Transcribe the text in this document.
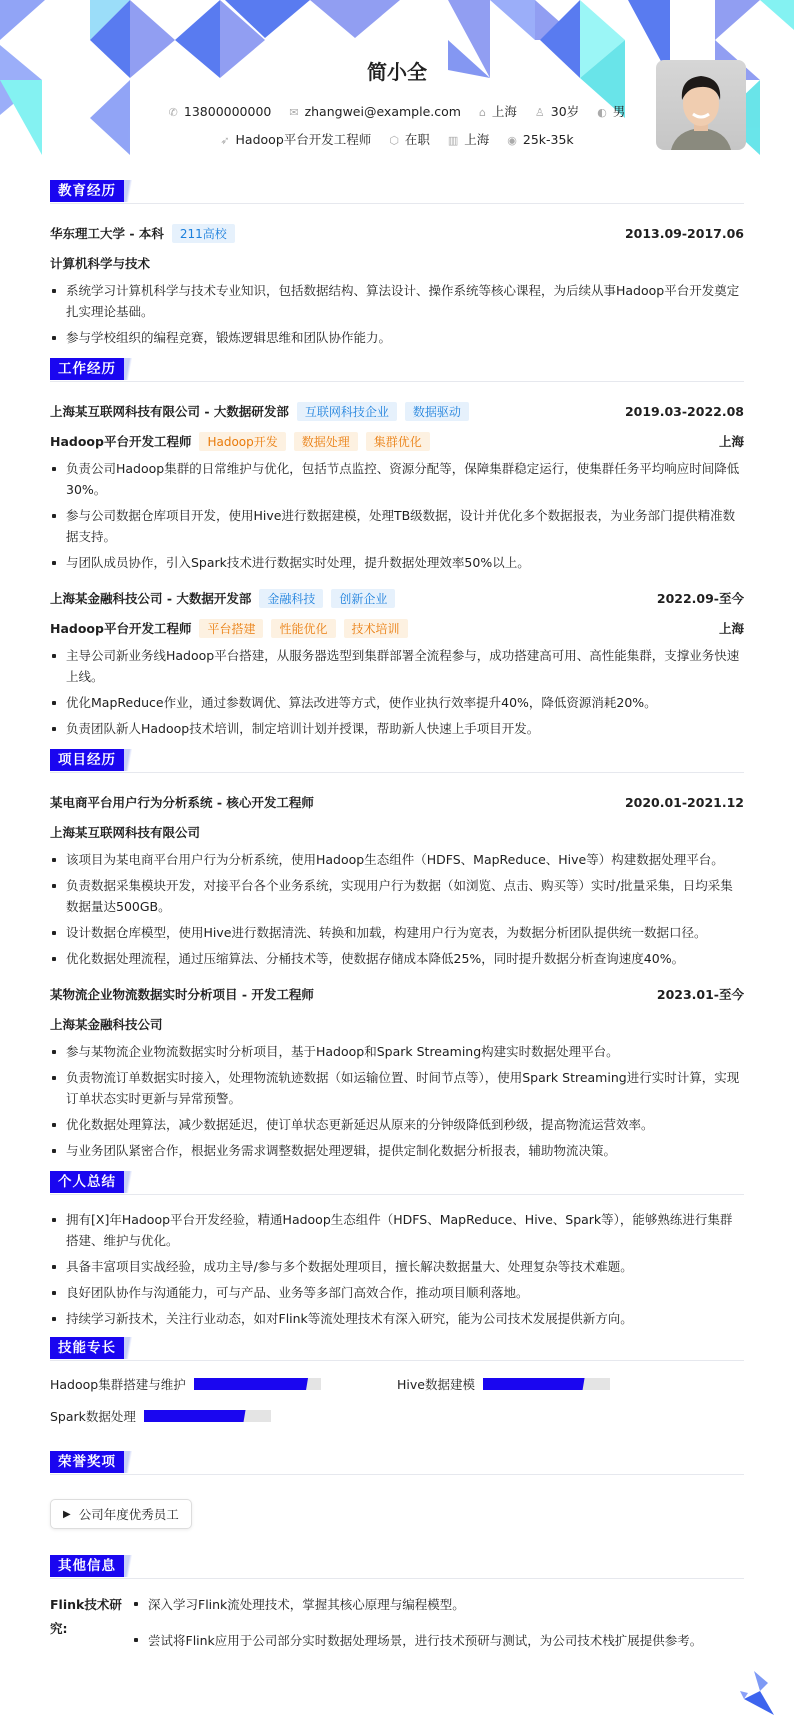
简小全
✆ 13800000000 ✉ zhangwei@example.com ⌂ 上海 ♙ 30岁 ◐ 男
➶ Hadoop平台开发工程师 ⬡ 在职 ▥ 上海 ◉ 25k-35k
教育经历
华东理工大学 - 本科	211高校	2013.09-2017.06
计算机科学与技术
系统学习计算机科学与技术专业知识，包括数据结构、算法设计、操作系统等核心课程，为后续从事Hadoop平台开发奠定扎实理论基础。
参与学校组织的编程竞赛，锻炼逻辑思维和团队协作能力。
工作经历
上海某互联网科技有限公司 - 大数据研发部	互联网科技企业	数据驱动	2019.03-2022.08
Hadoop平台开发工程师	Hadoop开发	数据处理	集群优化	上海
负责公司Hadoop集群的日常维护与优化，包括节点监控、资源分配等，保障集群稳定运行，使集群任务平均响应时间降低30%。
参与公司数据仓库项目开发，使用Hive进行数据建模，处理TB级数据，设计并优化多个数据报表，为业务部门提供精准数据支持。
与团队成员协作，引入Spark技术进行数据实时处理，提升数据处理效率50%以上。
上海某金融科技公司 - 大数据开发部	金融科技	创新企业	2022.09-至今
Hadoop平台开发工程师	平台搭建	性能优化	技术培训	上海
主导公司新业务线Hadoop平台搭建，从服务器选型到集群部署全流程参与，成功搭建高可用、高性能集群，支撑业务快速上线。
优化MapReduce作业，通过参数调优、算法改进等方式，使作业执行效率提升40%，降低资源消耗20%。
负责团队新人Hadoop技术培训，制定培训计划并授课，帮助新人快速上手项目开发。
项目经历
某电商平台用户行为分析系统 - 核心开发工程师	2020.01-2021.12
上海某互联网科技有限公司
该项目为某电商平台用户行为分析系统，使用Hadoop生态组件（HDFS、MapReduce、Hive等）构建数据处理平台。
负责数据采集模块开发，对接平台各个业务系统，实现用户行为数据（如浏览、点击、购买等）实时/批量采集，日均采集数据量达500GB。
设计数据仓库模型，使用Hive进行数据清洗、转换和加载，构建用户行为宽表，为数据分析团队提供统一数据口径。
优化数据处理流程，通过压缩算法、分桶技术等，使数据存储成本降低25%，同时提升数据分析查询速度40%。
某物流企业物流数据实时分析项目 - 开发工程师	2023.01-至今
上海某金融科技公司
参与某物流企业物流数据实时分析项目，基于Hadoop和Spark Streaming构建实时数据处理平台。
负责物流订单数据实时接入，处理物流轨迹数据（如运输位置、时间节点等），使用Spark Streaming进行实时计算，实现订单状态实时更新与异常预警。
优化数据处理算法，减少数据延迟，使订单状态更新延迟从原来的分钟级降低到秒级，提高物流运营效率。
与业务团队紧密合作，根据业务需求调整数据处理逻辑，提供定制化数据分析报表，辅助物流决策。
个人总结
拥有[X]年Hadoop平台开发经验，精通Hadoop生态组件（HDFS、MapReduce、Hive、Spark等），能够熟练进行集群搭建、维护与优化。
具备丰富项目实战经验，成功主导/参与多个数据处理项目，擅长解决数据量大、处理复杂等技术难题。
良好团队协作与沟通能力，可与产品、业务等多部门高效合作，推动项目顺利落地。
持续学习新技术，关注行业动态，如对Flink等流处理技术有深入研究，能为公司技术发展提供新方向。
技能专长
Hadoop集群搭建与维护	Hive数据建模
Spark数据处理
荣誉奖项
▶ 公司年度优秀员工
其他信息
Flink技术研究:
深入学习Flink流处理技术，掌握其核心原理与编程模型。
尝试将Flink应用于公司部分实时数据处理场景，进行技术预研与测试，为公司技术栈扩展提供参考。
